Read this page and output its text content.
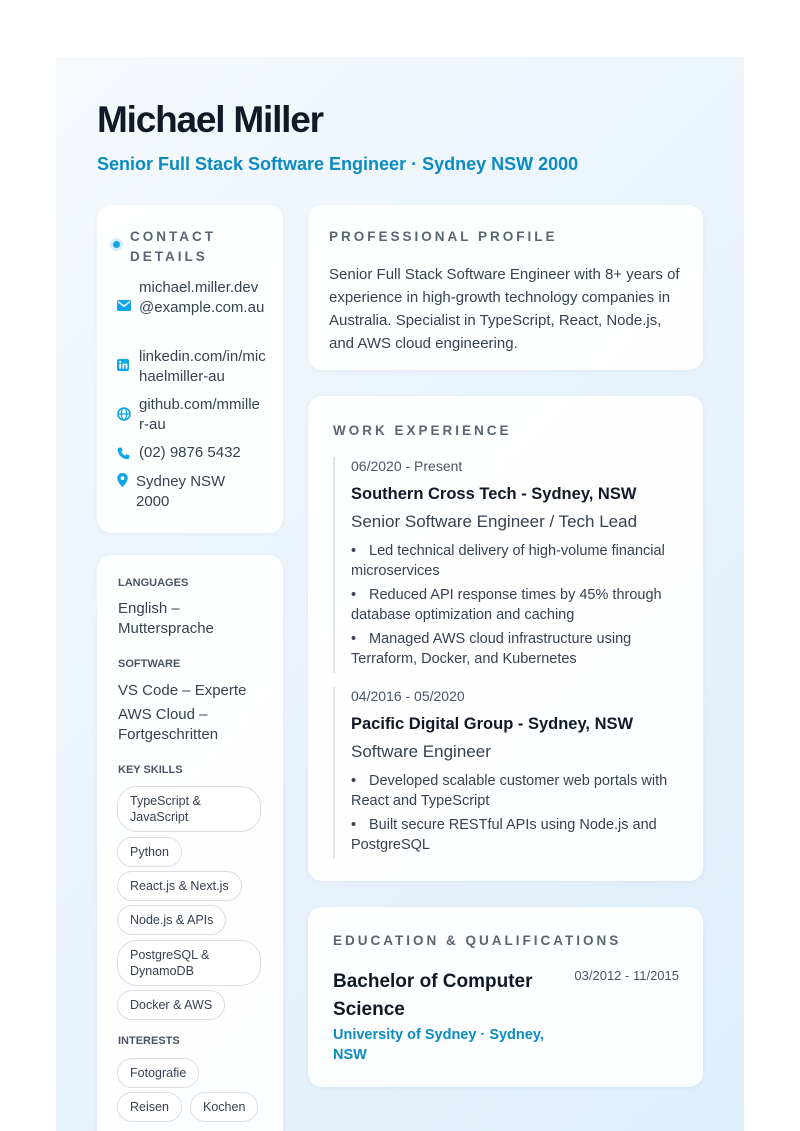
Michael Miller
Senior Full Stack Software Engineer · Sydney NSW 2000
CONTACT DETAILS
michael.miller.dev@example.com.au
linkedin.com/in/michaelmiller-au
github.com/mmiller-au
(02) 9876 5432
Sydney NSW 2000
LANGUAGES
English – Muttersprache
SOFTWARE
VS Code – Experte
AWS Cloud – Fortgeschritten
KEY SKILLS
TypeScript & JavaScript
Python
React.js & Next.js
Node.js & APIs
PostgreSQL & DynamoDB
Docker & AWS
INTERESTS
Fotografie
Reisen	Kochen
PROFESSIONAL PROFILE
Senior Full Stack Software Engineer with 8+ years of experience in high-growth technology companies in Australia. Specialist in TypeScript, React, Node.js, and AWS cloud engineering.
WORK EXPERIENCE
06/2020 - Present
Southern Cross Tech - Sydney, NSW
Senior Software Engineer / Tech Lead
• Led technical delivery of high-volume financial microservices
• Reduced API response times by 45% through database optimization and caching
• Managed AWS cloud infrastructure using Terraform, Docker, and Kubernetes
04/2016 - 05/2020
Pacific Digital Group - Sydney, NSW
Software Engineer
• Developed scalable customer web portals with React and TypeScript
• Built secure RESTful APIs using Node.js and PostgreSQL
EDUCATION & QUALIFICATIONS
Bachelor of Computer Science
03/2012 - 11/2015
University of Sydney · Sydney, NSW
